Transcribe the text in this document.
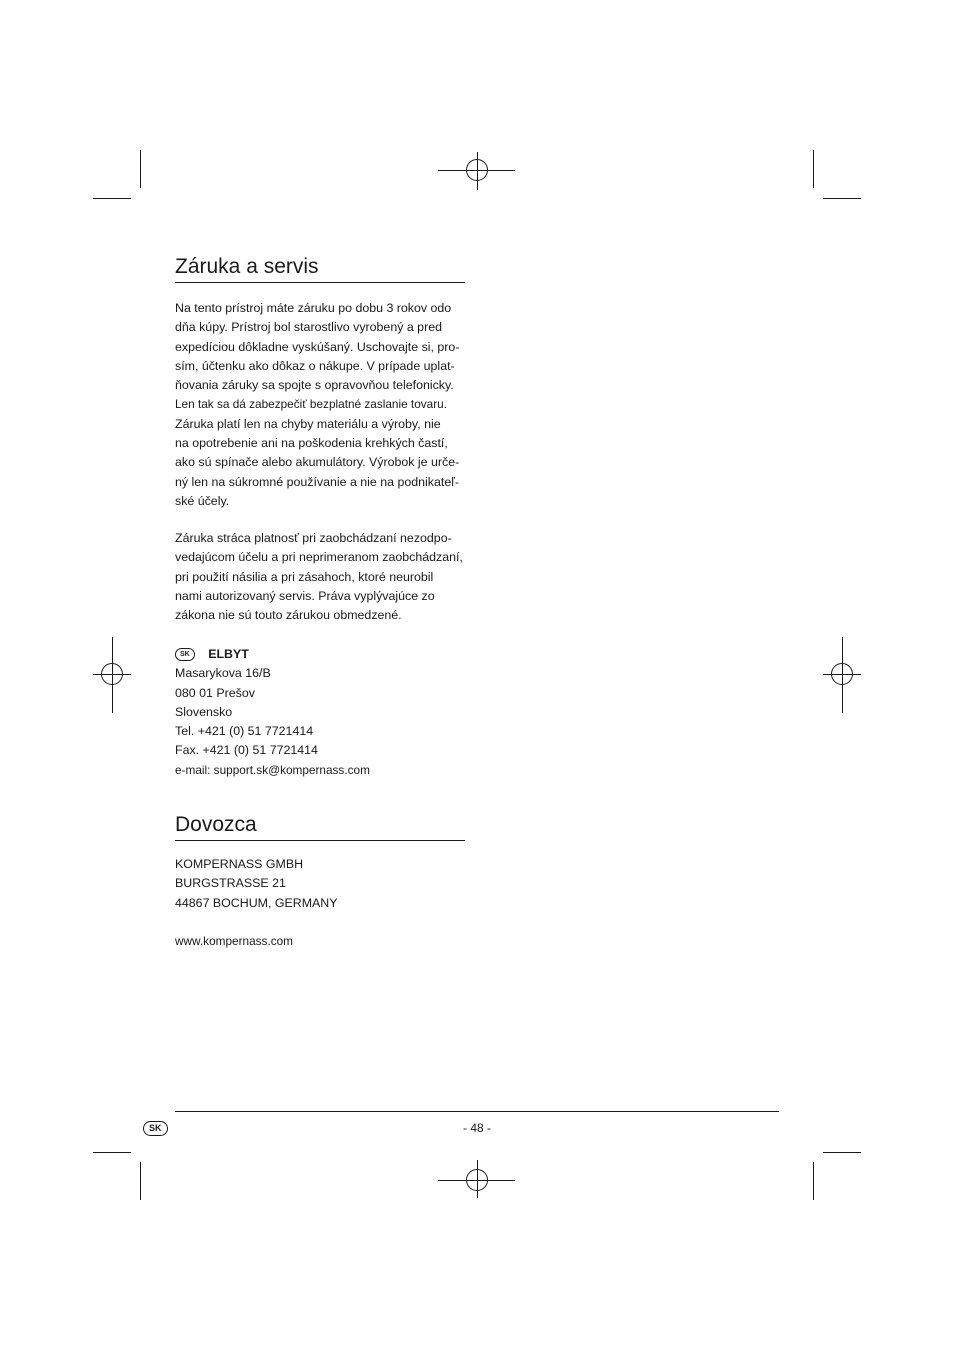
Záruka a servis
Na tento prístroj máte záruku po dobu 3 rokov odo
dňa kúpy. Prístroj bol starostlivo vyrobený a pred
expedíciou dôkladne vyskúšaný. Uschovajte si, pro-
sím, účtenku ako dôkaz o nákupe. V prípade uplat-
ňovania záruky sa spojte s opravovňou telefonicky.
Len tak sa dá zabezpečiť bezplatné zaslanie tovaru.
Záruka platí len na chyby materiálu a výroby, nie
na opotrebenie ani na poškodenia krehkých častí,
ako sú spínače alebo akumulátory. Výrobok je urče-
ný len na súkromné používanie a nie na podnikateľ-
ské účely.
Záruka stráca platnosť pri zaobchádzaní nezodpo-
vedajúcom účelu a pri neprimeranom zaobchádzaní,
pri použití násilia a pri zásahoch, ktoré neurobil
nami autorizovaný servis. Práva vyplývajúce zo
zákona nie sú touto zárukou obmedzené.
SK ELBYT
Masarykova 16/B
080 01 Prešov
Slovensko
Tel. +421 (0) 51 7721414
Fax. +421 (0) 51 7721414
e-mail: support.sk@kompernass.com
Dovozca
KOMPERNASS GMBH
BURGSTRASSE 21
44867 BOCHUM, GERMANY
www.kompernass.com
SK	- 48 -
